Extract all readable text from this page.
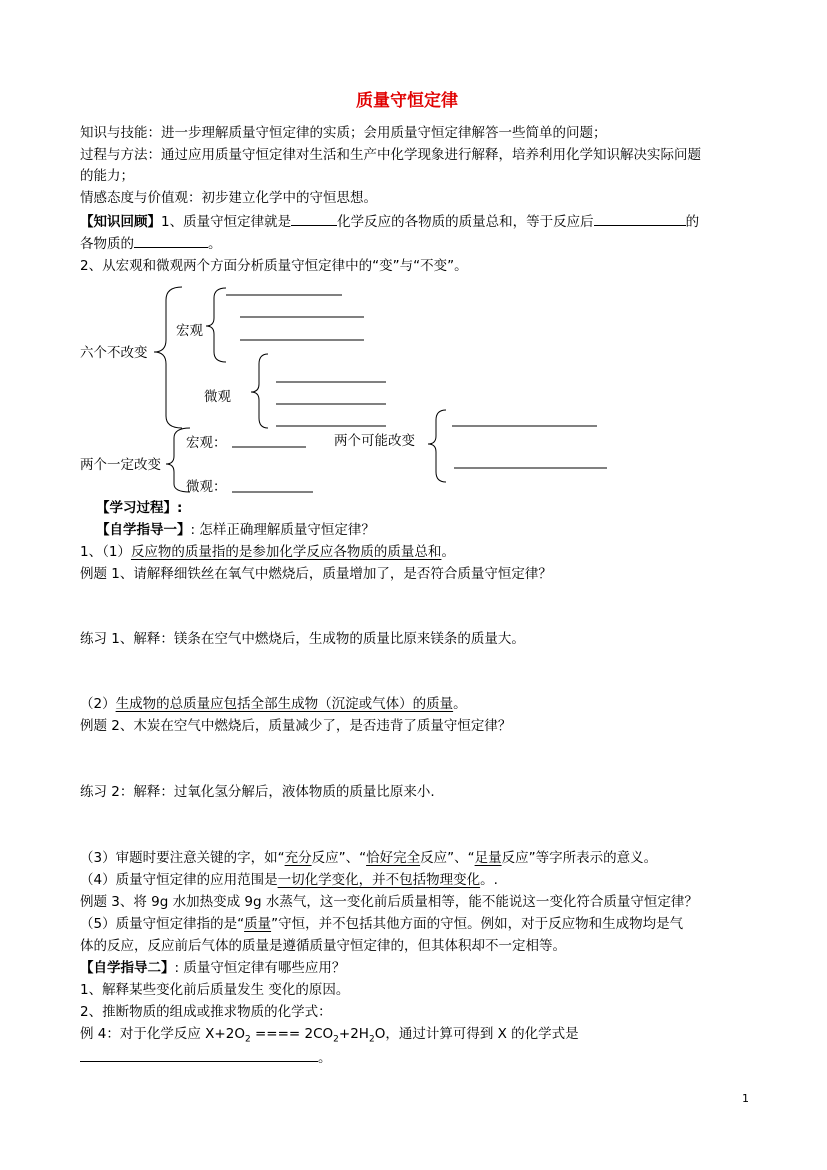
质量守恒定律
知识与技能：进一步理解质量守恒定律的实质；会用质量守恒定律解答一些简单的问题；
过程与方法：通过应用质量守恒定律对生活和生产中化学现象进行解释，培养利用化学知识解决实际问题
的能力；
情感态度与价值观：初步建立化学中的守恒思想。
【知识回顾】1、质量守恒定律就是	化学反应的各物质的质量总和，等于反应后	的
各物质的	。
2、从宏观和微观两个方面分析质量守恒定律中的“变”与“不变”。
六个不改变
宏观
微观
两个一定改变
宏观：
微观：
两个可能改变
【学习过程】:
【自学指导一】: 怎样正确理解质量守恒定律？
1、（1）反应物的质量指的是参加化学反应各物质的质量总和。
例题 1、请解释细铁丝在氧气中燃烧后，质量增加了，是否符合质量守恒定律？
练习 1、解释：镁条在空气中燃烧后，生成物的质量比原来镁条的质量大。
（2）生成物的总质量应包括全部生成物（沉淀或气体）的质量。
例题 2、木炭在空气中燃烧后，质量减少了，是否违背了质量守恒定律？
练习 2：解释：过氧化氢分解后，液体物质的质量比原来小.
（3）审题时要注意关键的字，如“充分反应”、“恰好完全反应”、“足量反应”等字所表示的意义。
（4）质量守恒定律的应用范围是一切化学变化，并不包括物理变化。.
例题 3、将 9g 水加热变成 9g 水蒸气，这一变化前后质量相等，能不能说这一变化符合质量守恒定律？
（5）质量守恒定律指的是“质量”守恒，并不包括其他方面的守恒。例如，对于反应物和生成物均是气
体的反应，反应前后气体的质量是遵循质量守恒定律的，但其体积却不一定相等。
【自学指导二】: 质量守恒定律有哪些应用？
1、解释某些变化前后质量发生 变化的原因。
2、推断物质的组成或推求物质的化学式：
例 4：对于化学反应 $X+2O_2$ ==== $2CO_2+2H_2O$，通过计算可得到 X 的化学式是
。
1
